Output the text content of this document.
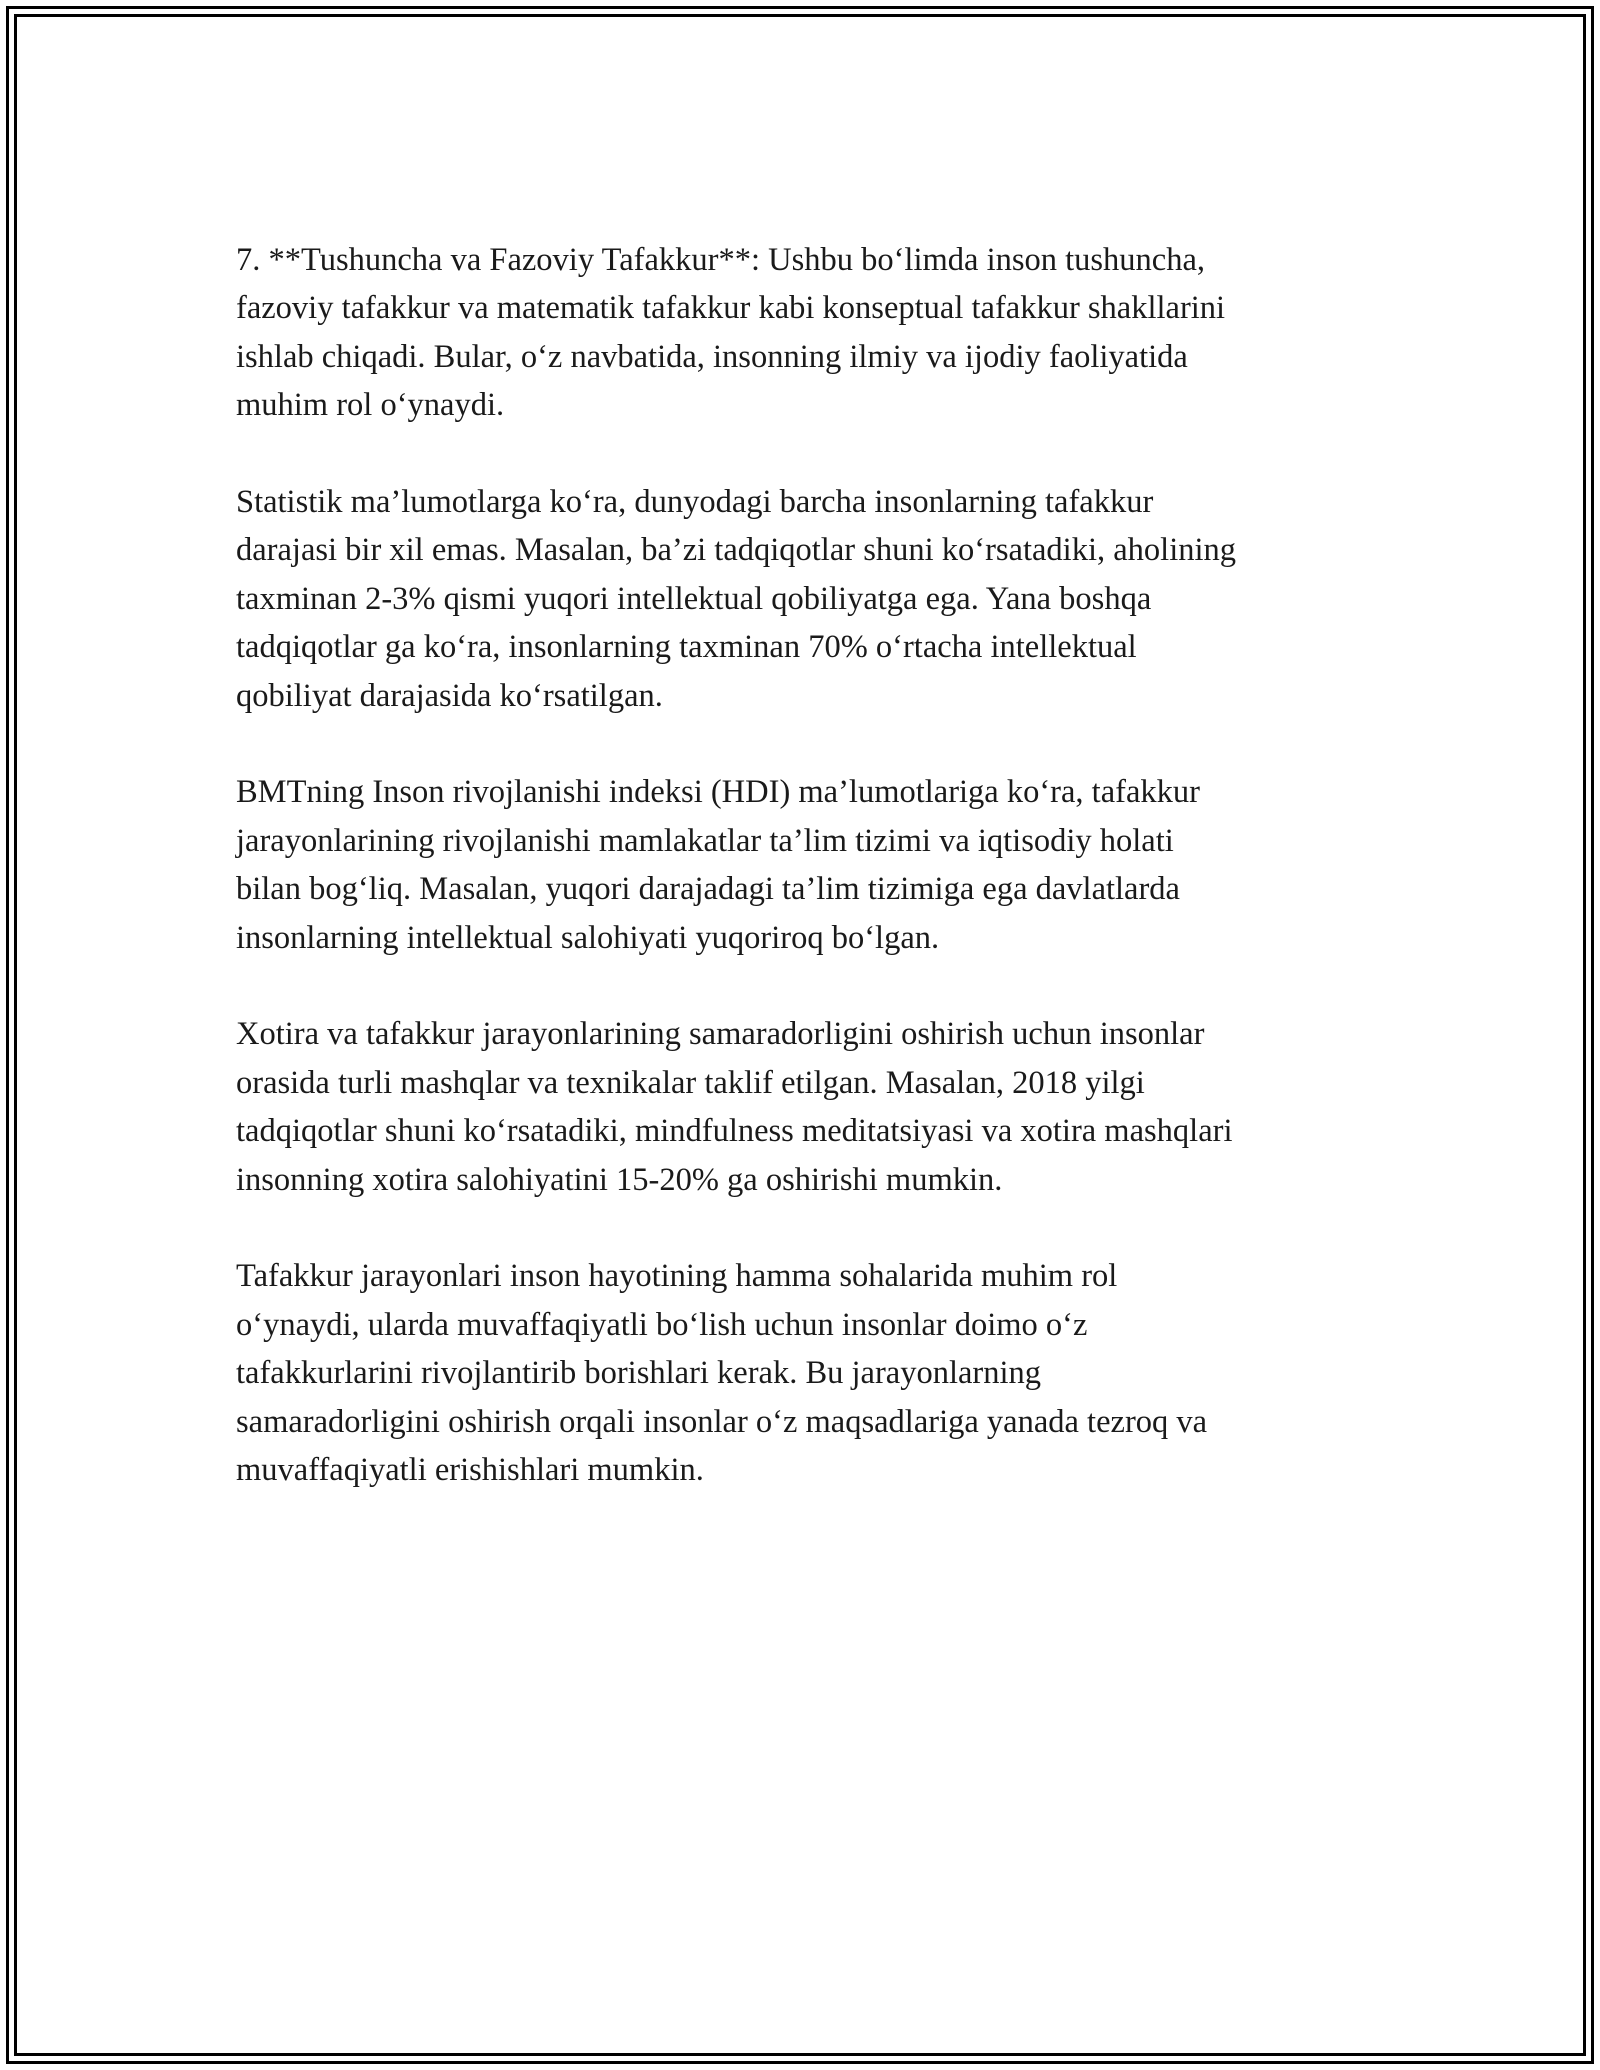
7. **Tushuncha va Fazoviy Tafakkur**: Ushbu bo‘limda inson tushuncha,
fazoviy tafakkur va matematik tafakkur kabi konseptual tafakkur shakllarini
ishlab chiqadi. Bular, o‘z navbatida, insonning ilmiy va ijodiy faoliyatida
muhim rol o‘ynaydi.

Statistik ma’lumotlarga ko‘ra, dunyodagi barcha insonlarning tafakkur
darajasi bir xil emas. Masalan, ba’zi tadqiqotlar shuni ko‘rsatadiki, aholining
taxminan 2-3% qismi yuqori intellektual qobiliyatga ega. Yana boshqa
tadqiqotlar ga ko‘ra, insonlarning taxminan 70% o‘rtacha intellektual
qobiliyat darajasida ko‘rsatilgan.

BMTning Inson rivojlanishi indeksi (HDI) ma’lumotlariga ko‘ra, tafakkur
jarayonlarining rivojlanishi mamlakatlar ta’lim tizimi va iqtisodiy holati
bilan bog‘liq. Masalan, yuqori darajadagi ta’lim tizimiga ega davlatlarda
insonlarning intellektual salohiyati yuqoriroq bo‘lgan.

Xotira va tafakkur jarayonlarining samaradorligini oshirish uchun insonlar
orasida turli mashqlar va texnikalar taklif etilgan. Masalan, 2018 yilgi
tadqiqotlar shuni ko‘rsatadiki, mindfulness meditatsiyasi va xotira mashqlari
insonning xotira salohiyatini 15-20% ga oshirishi mumkin.

Tafakkur jarayonlari inson hayotining hamma sohalarida muhim rol
o‘ynaydi, ularda muvaffaqiyatli bo‘lish uchun insonlar doimo o‘z
tafakkurlarini rivojlantirib borishlari kerak. Bu jarayonlarning
samaradorligini oshirish orqali insonlar o‘z maqsadlariga yanada tezroq va
muvaffaqiyatli erishishlari mumkin.
